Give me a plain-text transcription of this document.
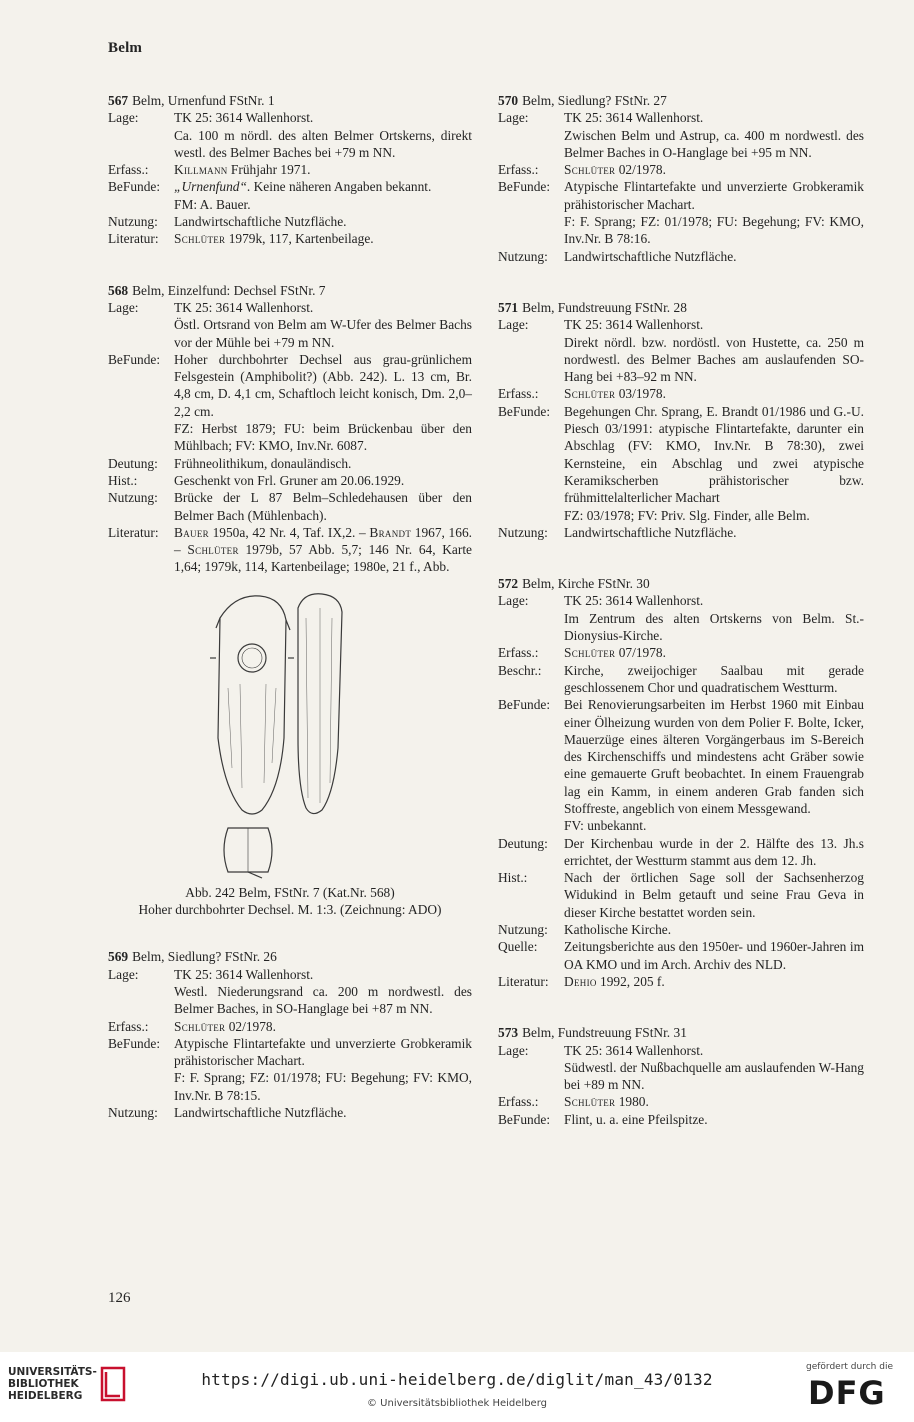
Belm
567 Belm, Urnenfund FStNr. 1
Lage:	TK 25: 3614 Wallenhorst.

Ca. 100 m nördl. des alten Belmer Ortskerns, direkt westl. des Belmer Baches bei +79 m NN.

Erfass.:	Killmann Frühjahr 1971.
BeFunde:	„Urnenfund“. Keine näheren Angaben bekannt.

FM: A. Bauer.

Nutzung:	Landwirtschaftliche Nutzfläche.
Literatur:	Schlüter 1979k, 117, Kartenbeilage.
568 Belm, Einzelfund: Dechsel FStNr. 7
Lage:	TK 25: 3614 Wallenhorst.

Östl. Ortsrand von Belm am W-Ufer des Belmer Bachs vor der Mühle bei +79 m NN.

BeFunde:	Hoher durchbohrter Dechsel aus grau-grünlichem Felsgestein (Amphibolit?) (Abb. 242). L. 13 cm, Br. 4,8 cm, D. 4,1 cm, Schaftloch leicht konisch, Dm. 2,0–2,2 cm.

FZ: Herbst 1879; FU: beim Brückenbau über den Mühlbach; FV: KMO, Inv.Nr. 6087.

Deutung:	Frühneolithikum, donauländisch.
Hist.:	Geschenkt von Frl. Gruner am 20.06.1929.
Nutzung:	Brücke der L 87 Belm–Schledehausen über den Belmer Bach (Mühlenbach).
Literatur:	Bauer 1950a, 42 Nr. 4, Taf. IX,2. – Brandt 1967, 166. – Schlüter 1979b, 57 Abb. 5,7; 146 Nr. 64, Karte 1,64; 1979k, 114, Kartenbeilage; 1980e, 21 f., Abb.
Abb. 242 Belm, FStNr. 7 (Kat.Nr. 568)
Hoher durchbohrter Dechsel. M. 1:3. (Zeichnung: ADO)
569 Belm, Siedlung? FStNr. 26
Lage:	TK 25: 3614 Wallenhorst.

Westl. Niederungsrand ca. 200 m nordwestl. des Belmer Baches, in SO-Hanglage bei +87 m NN.

Erfass.:	Schlüter 02/1978.
BeFunde:	Atypische Flintartefakte und unverzierte Grobkeramik prähistorischer Machart.

F: F. Sprang; FZ: 01/1978; FU: Begehung; FV: KMO, Inv.Nr. B 78:15.

Nutzung:	Landwirtschaftliche Nutzfläche.
570 Belm, Siedlung? FStNr. 27
Lage:	TK 25: 3614 Wallenhorst.

Zwischen Belm und Astrup, ca. 400 m nordwestl. des Belmer Baches in O-Hanglage bei +95 m NN.

Erfass.:	Schlüter 02/1978.
BeFunde:	Atypische Flintartefakte und unverzierte Grobkeramik prähistorischer Machart.

F: F. Sprang; FZ: 01/1978; FU: Begehung; FV: KMO, Inv.Nr. B 78:16.

Nutzung:	Landwirtschaftliche Nutzfläche.
571 Belm, Fundstreuung FStNr. 28
Lage:	TK 25: 3614 Wallenhorst.

Direkt nördl. bzw. nordöstl. von Hustette, ca. 250 m nordwestl. des Belmer Baches am auslaufenden SO-Hang bei +83–92 m NN.

Erfass.:	Schlüter 03/1978.
BeFunde:	Begehungen Chr. Sprang, E. Brandt 01/1986 und G.-U. Piesch 03/1991: atypische Flintartefakte, darunter ein Abschlag (FV: KMO, Inv.Nr. B 78:30), zwei Kernsteine, ein Abschlag und zwei atypische Keramikscherben prähistorischer bzw. frühmittelalterlicher Machart

FZ: 03/1978; FV: Priv. Slg. Finder, alle Belm.

Nutzung:	Landwirtschaftliche Nutzfläche.
572 Belm, Kirche FStNr. 30
Lage:	TK 25: 3614 Wallenhorst.

Im Zentrum des alten Ortskerns von Belm. St.-Dionysius-Kirche.

Erfass.:	Schlüter 07/1978.
Beschr.:	Kirche, zweijochiger Saalbau mit gerade geschlossenem Chor und quadratischem Westturm.
BeFunde:	Bei Renovierungsarbeiten im Herbst 1960 mit Einbau einer Ölheizung wurden von dem Polier F. Bolte, Icker, Mauerzüge eines älteren Vorgängerbaus im S-Bereich des Kirchenschiffs und mindestens acht Gräber sowie eine gemauerte Gruft beobachtet. In einem Frauengrab lag ein Kamm, in einem anderen Grab fanden sich Stoffreste, angeblich von einem Messgewand.

FV: unbekannt.

Deutung:	Der Kirchenbau wurde in der 2. Hälfte des 13. Jh.s errichtet, der Westturm stammt aus dem 12. Jh.
Hist.:	Nach der örtlichen Sage soll der Sachsenherzog Widukind in Belm getauft und seine Frau Geva in dieser Kirche bestattet worden sein.
Nutzung:	Katholische Kirche.
Quelle:	Zeitungsberichte aus den 1950er- und 1960er-Jahren im OA KMO und im Arch. Archiv des NLD.
Literatur:	Dehio 1992, 205 f.
573 Belm, Fundstreuung FStNr. 31
Lage:	TK 25: 3614 Wallenhorst.

Südwestl. der Nußbachquelle am auslaufenden W-Hang bei +89 m NN.

Erfass.:	Schlüter 1980.
BeFunde:	Flint, u. a. eine Pfeilspitze.
126
UNIVERSITÄTS-
BIBLIOTHEK
HEIDELBERG
https://digi.ub.uni-heidelberg.de/diglit/man_43/0132
© Universitätsbibliothek Heidelberg
gefördert durch die
DFG
